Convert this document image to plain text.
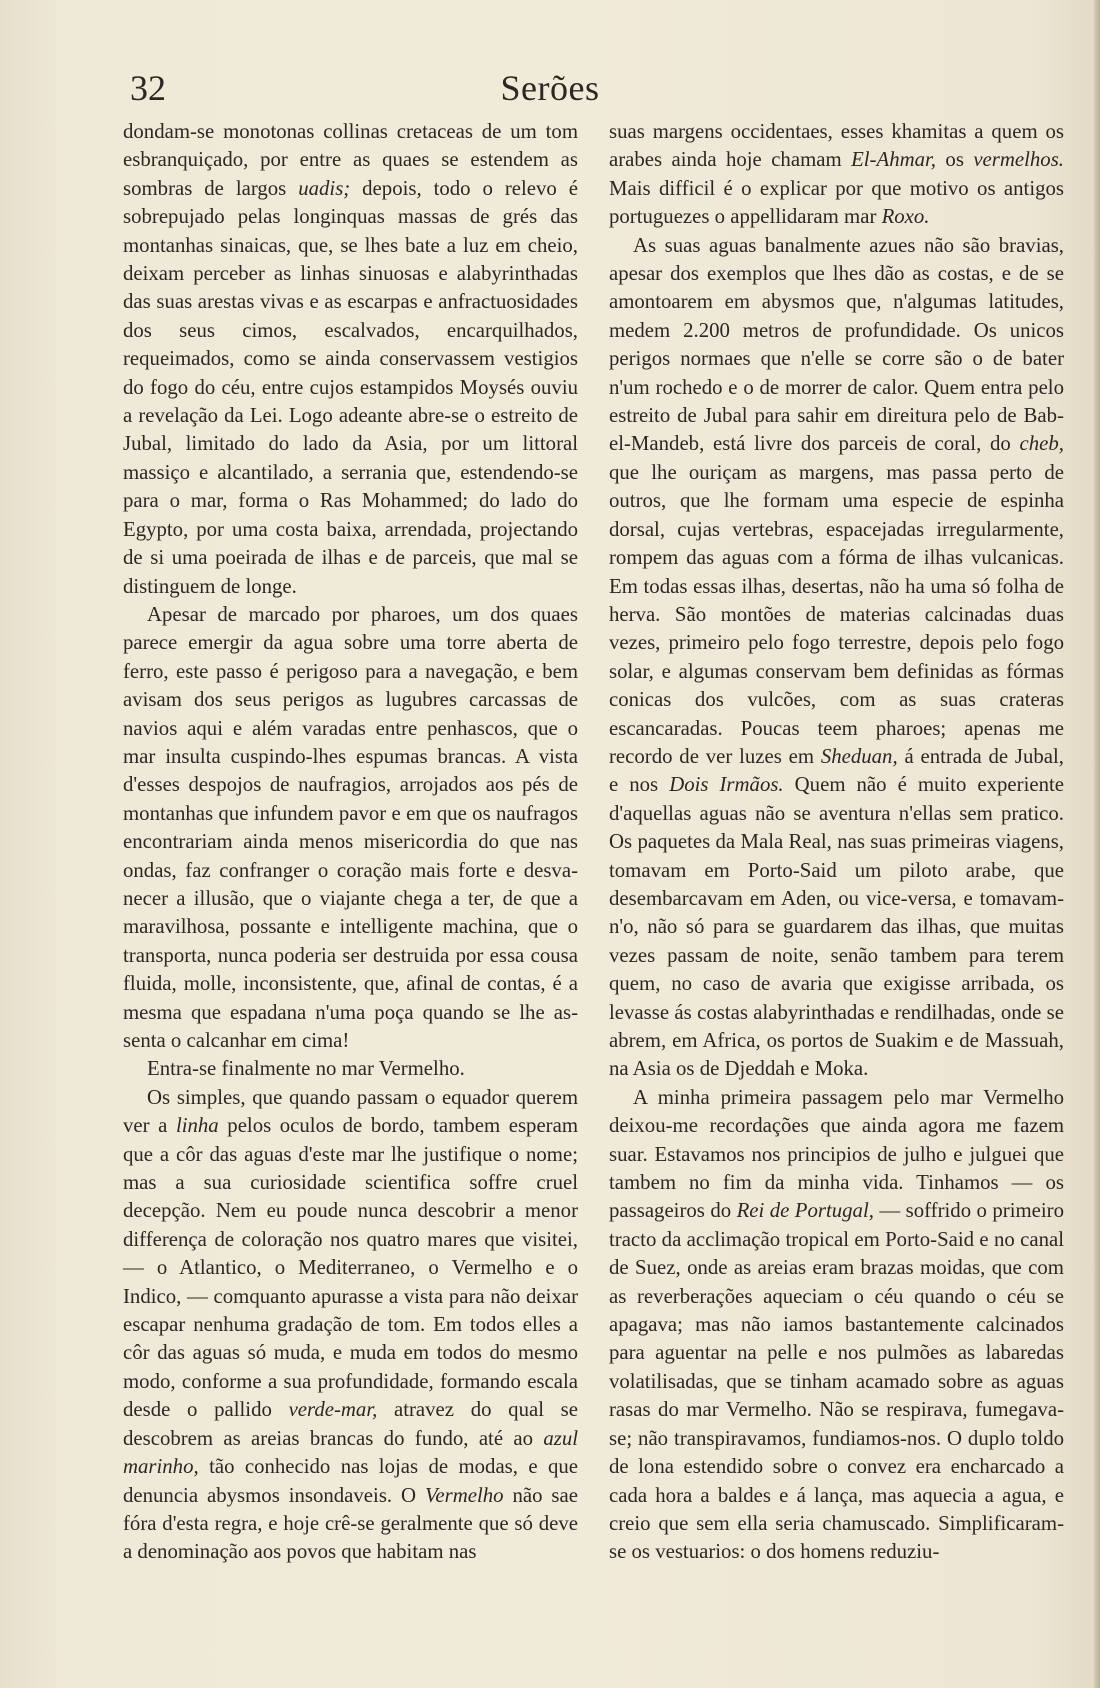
Serões
32

dondam-se monotonas collinas cretaceas de um tom esbranquiçado, por entre as quaes se estendem as sombras de largos uadis; depois, todo o relevo é sobrepujado pelas longinquas massas de grés das montanhas sinaicas, que, se lhes bate a luz em cheio, deixam perceber as linhas sinuosas e alabyrinthadas das suas arestas vivas e as escarpas e anfractuosidades dos seus cimos, escalvados, encarquilhados, requeimados, como se ainda conservassem vestigios do fogo do céu, entre cujos estampidos Moysés ouviu a revelação da Lei. Logo adeante abre-se o estreito de Jubal, limitado do lado da Asia, por um littoral massiço e alcantilado, a serrania que, estendendo-se para o mar, forma o Ras Mohammed; do lado do Egypto, por uma costa baixa, arrendada, projectando de si uma poeirada de ilhas e de parceis, que mal se distinguem de longe.

Apesar de marcado por pharoes, um dos quaes parece emergir da agua sobre uma torre aberta de ferro, este passo é perigoso para a navegação, e bem avisam dos seus perigos as lugubres carcassas de navios aqui e além varadas entre penhascos, que o mar insulta cuspindo-lhes espumas brancas. A vista d'esses despojos de naufragios, arrojados aos pés de montanhas que infundem pavor e em que os naufragos encontrariam ainda menos misericordia do que nas ondas, faz confranger o coração mais forte e desvanecer a illusão, que o viajante chega a ter, de que a maravilhosa, possante e intelligente machina, que o transporta, nunca poderia ser destruida por essa cousa fluida, molle, inconsistente, que, afinal de contas, é a mesma que espadana n'uma poça quando se lhe assenta o calcanhar em cima!

Entra-se finalmente no mar Vermelho.

Os simples, que quando passam o equador querem ver a linha pelos oculos de bordo, tambem esperam que a côr das aguas d'este mar lhe justifique o nome; mas a sua curiosidade scientifica soffre cruel decepção. Nem eu poude nunca descobrir a menor differença de coloração nos quatro mares que visitei, — o Atlantico, o Mediterraneo, o Vermelho e o Indico, — comquanto apurasse a vista para não deixar escapar nenhuma gradação de tom. Em todos elles a côr das aguas só muda, e muda em todos do mesmo modo, conforme a sua profundidade, formando escala desde o pallido verde-mar, atravez do qual se descobrem as areias brancas do fundo, até ao azul marinho, tão conhecido nas lojas de modas, e que denuncia abysmos insondaveis. O Vermelho não sae fóra d'esta regra, e hoje crê-se geralmente que só deve a denominação aos povos que habitam nas

suas margens occidentaes, esses khamitas a quem os arabes ainda hoje chamam El-Ahmar, os vermelhos. Mais difficil é o explicar por que motivo os antigos portuguezes o appellidaram mar Roxo.

As suas aguas banalmente azues não são bravias, apesar dos exemplos que lhes dão as costas, e de se amontoarem em abysmos que, n'algumas latitudes, medem 2.200 metros de profundidade. Os unicos perigos normaes que n'elle se corre são o de bater n'um rochedo e o de morrer de calor. Quem entra pelo estreito de Jubal para sahir em direitura pelo de Bab-el-Mandeb, está livre dos parceis de coral, do cheb, que lhe ouriçam as margens, mas passa perto de outros, que lhe formam uma especie de espinha dorsal, cujas vertebras, espacejadas irregularmente, rompem das aguas com a fórma de ilhas vulcanicas. Em todas essas ilhas, desertas, não ha uma só folha de herva. São montões de materias calcinadas duas vezes, primeiro pelo fogo terrestre, depois pelo fogo solar, e algumas conservam bem definidas as fórmas conicas dos vulcões, com as suas crateras escancaradas. Poucas teem pharoes; apenas me recordo de ver luzes em Sheduan, á entrada de Jubal, e nos Dois Irmãos. Quem não é muito experiente d'aquellas aguas não se aventura n'ellas sem pratico. Os paquetes da Mala Real, nas suas primeiras viagens, tomavam em Porto-Said um piloto arabe, que desembarcavam em Aden, ou vice-versa, e tomavam-n'o, não só para se guardarem das ilhas, que muitas vezes passam de noite, senão tambem para terem quem, no caso de avaria que exigisse arribada, os levasse ás costas alabyrinthadas e rendilhadas, onde se abrem, em Africa, os portos de Suakim e de Massuah, na Asia os de Djeddah e Moka.

A minha primeira passagem pelo mar Vermelho deixou-me recordações que ainda agora me fazem suar. Estavamos nos principios de julho e julguei que tambem no fim da minha vida. Tinhamos — os passageiros do Rei de Portugal, — soffrido o primeiro tracto da acclimação tropical em Porto-Said e no canal de Suez, onde as areias eram brazas moidas, que com as reverberações aqueciam o céu quando o céu se apagava; mas não iamos bastantemente calcinados para aguentar na pelle e nos pulmões as labaredas volatilisadas, que se tinham acamado sobre as aguas rasas do mar Vermelho. Não se respirava, fumegava-se; não transpiravamos, fundiamos-nos. O duplo toldo de lona estendido sobre o convez era encharcado a cada hora a baldes e á lança, mas aquecia a agua, e creio que sem ella seria chamuscado. Simplificaram-se os vestuarios: o dos homens reduziu-
